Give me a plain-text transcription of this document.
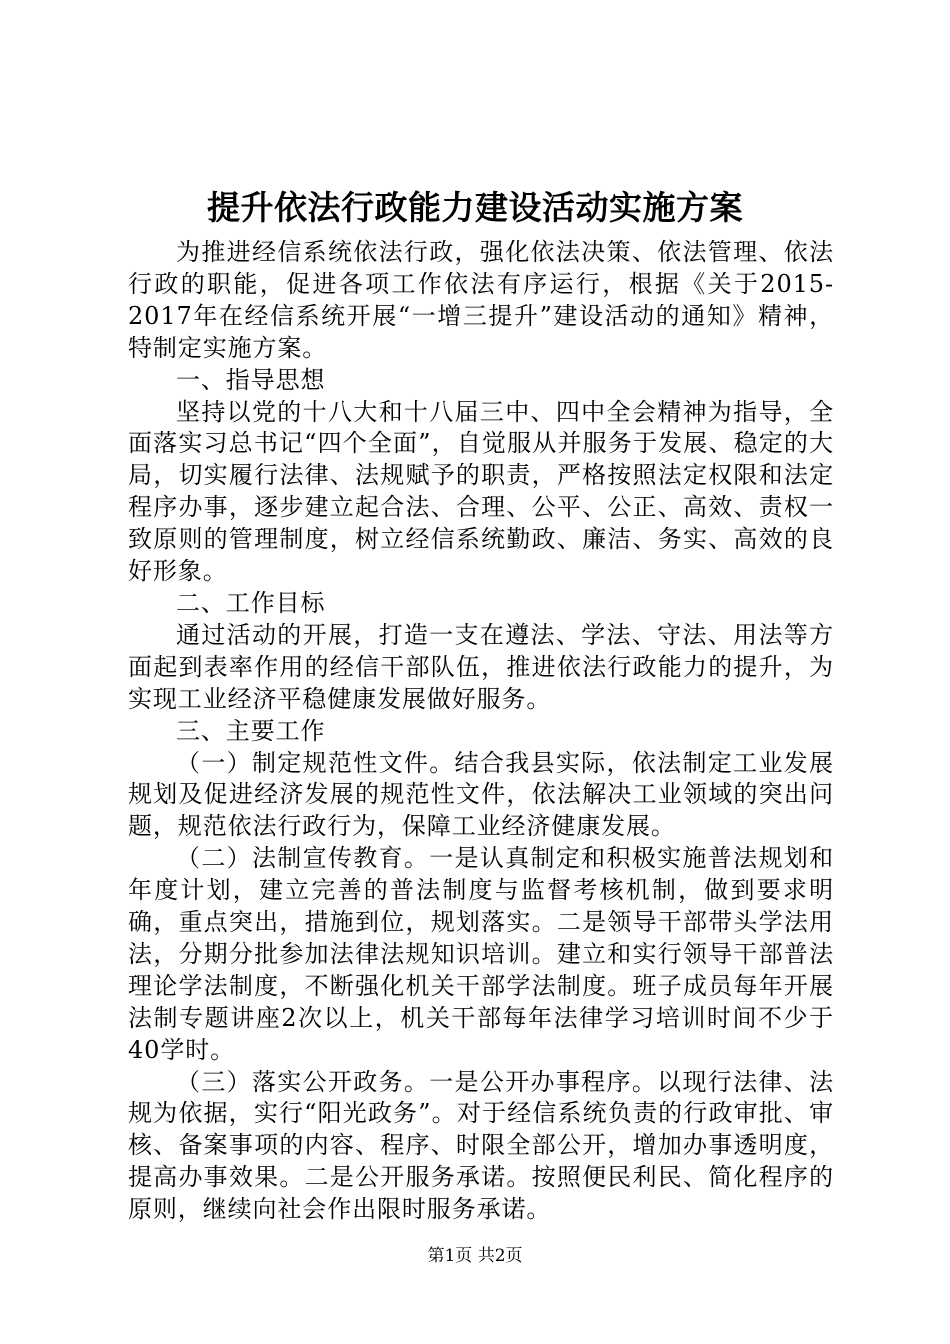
提升依法行政能力建设活动实施方案

为推进经信系统依法行政，强化依法决策、依法管理、依法行政的职能，促进各项工作依法有序运行，根据《关于2015-2017年在经信系统开展“一增三提升”建设活动的通知》精神，特制定实施方案。

一、指导思想

坚持以党的十八大和十八届三中、四中全会精神为指导，全面落实习总书记“四个全面”，自觉服从并服务于发展、稳定的大局，切实履行法律、法规赋予的职责，严格按照法定权限和法定程序办事，逐步建立起合法、合理、公平、公正、高效、责权一致原则的管理制度，树立经信系统勤政、廉洁、务实、高效的良好形象。

二、工作目标

通过活动的开展，打造一支在遵法、学法、守法、用法等方面起到表率作用的经信干部队伍，推进依法行政能力的提升，为实现工业经济平稳健康发展做好服务。

三、主要工作

（一）制定规范性文件。结合我县实际，依法制定工业发展规划及促进经济发展的规范性文件，依法解决工业领域的突出问题，规范依法行政行为，保障工业经济健康发展。

（二）法制宣传教育。一是认真制定和积极实施普法规划和年度计划，建立完善的普法制度与监督考核机制，做到要求明确，重点突出，措施到位，规划落实。二是领导干部带头学法用法，分期分批参加法律法规知识培训。建立和实行领导干部普法理论学法制度，不断强化机关干部学法制度。班子成员每年开展法制专题讲座2次以上，机关干部每年法律学习培训时间不少于40学时。

（三）落实公开政务。一是公开办事程序。以现行法律、法规为依据，实行“阳光政务”。对于经信系统负责的行政审批、审核、备案事项的内容、程序、时限全部公开，增加办事透明度，提高办事效果。二是公开服务承诺。按照便民利民、简化程序的原则，继续向社会作出限时服务承诺。

第1页 共2页
